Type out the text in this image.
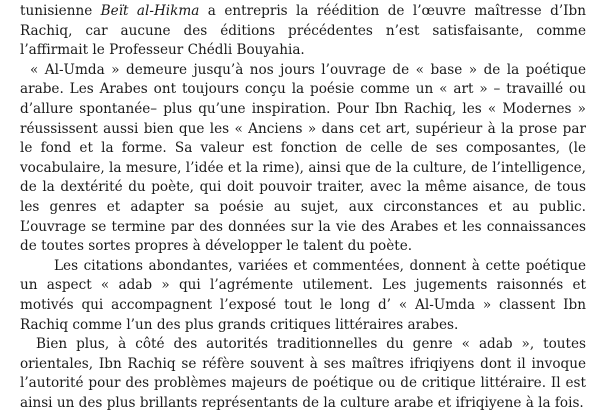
tunisienne Beït al-Hikma a entrepris la réédition de l’œuvre maîtresse d’Ibn Rachiq, car aucune des éditions précédentes n’est satisfaisante, comme l’affirmait le Professeur Chédli Bouyahia.

« Al-Umda » demeure jusqu’à nos jours l’ouvrage de « base » de la poétique arabe. Les Arabes ont toujours conçu la poésie comme un « art » – travaillé ou d’allure spontanée– plus qu’une inspiration. Pour Ibn Rachiq, les « Modernes » réussissent aussi bien que les « Anciens » dans cet art, supérieur à la prose par le fond et la forme. Sa valeur est fonction de celle de ses composantes, (le vocabulaire, la mesure, l’idée et la rime), ainsi que de la culture, de l’intelligence, de la dextérité du poète, qui doit pouvoir traiter, avec la même aisance, de tous les genres et adapter sa poésie au sujet, aux circonstances et au public. L’ouvrage se termine par des données sur la vie des Arabes et les connaissances de toutes sortes propres à développer le talent du poète.

Les citations abondantes, variées et commentées, donnent à cette poétique un aspect « adab » qui l’agrémente utilement. Les jugements raisonnés et motivés qui accompagnent l’exposé tout le long d’ « Al-Umda » classent Ibn Rachiq comme l’un des plus grands critiques littéraires arabes.

Bien plus, à côté des autorités traditionnelles du genre « adab », toutes orientales, Ibn Rachiq se réfère souvent à ses maîtres ifriqiyens dont il invoque l’autorité pour des problèmes majeurs de poétique ou de critique littéraire. Il est ainsi un des plus brillants représentants de la culture arabe et ifriqiyene à la fois.
